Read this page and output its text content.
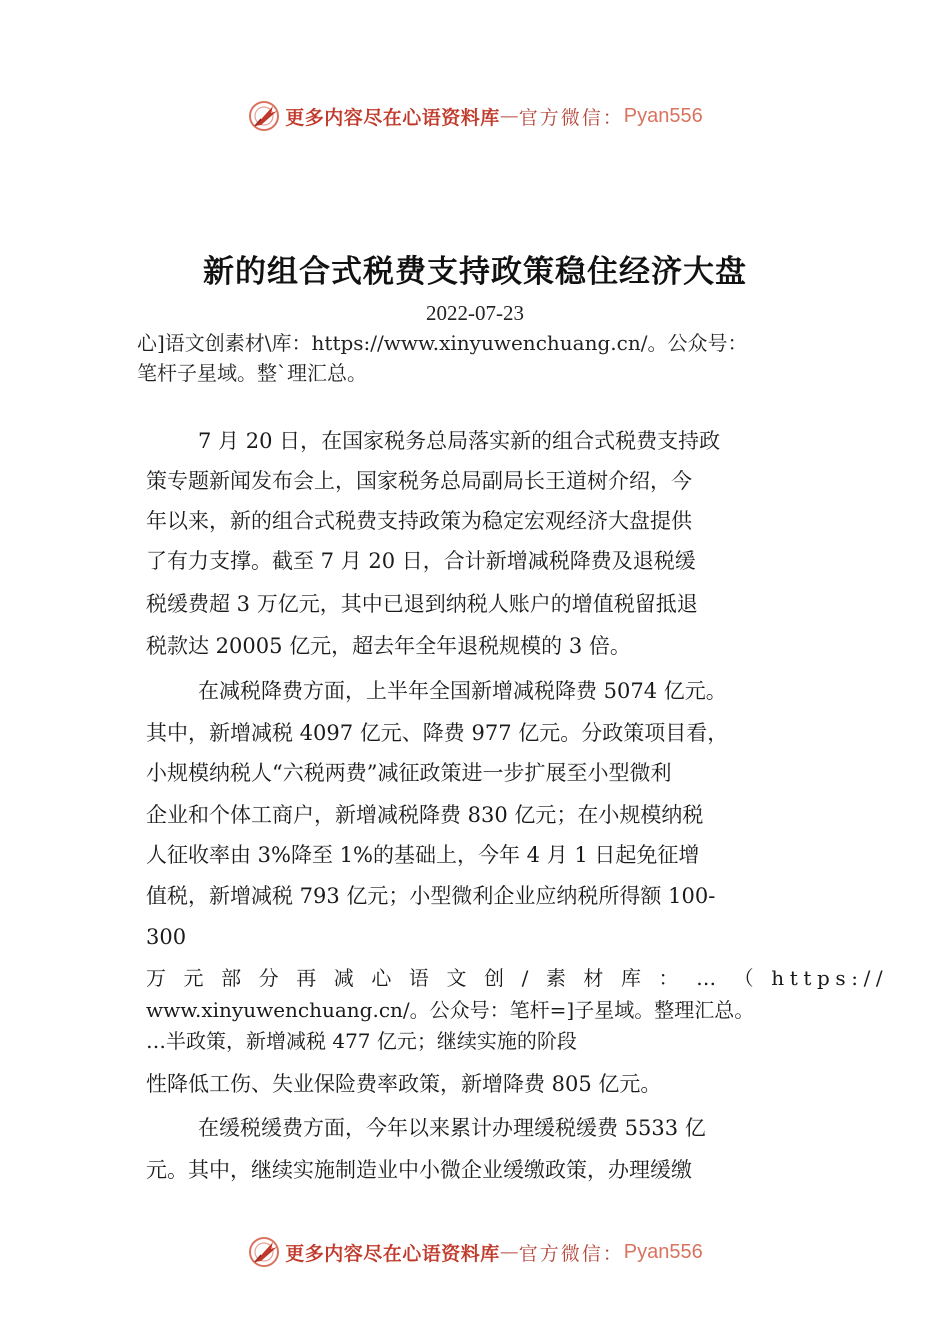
更多内容尽在心语资料库 — 官方微信： Pyan556
新的组合式税费支持政策稳住经济大盘
2022-07-23
心]语文创素材\库：https://www.xinyuwenchuang.cn/。公众号：
笔杆子星域。整`理汇总。
7 月 20 日，在国家税务总局落实新的组合式税费支持政
策专题新闻发布会上，国家税务总局副局长王道树介绍，今
年以来，新的组合式税费支持政策为稳定宏观经济大盘提供
了有力支撑。截至 7 月 20 日，合计新增减税降费及退税缓
税缓费超 3 万亿元，其中已退到纳税人账户的增值税留抵退
税款达 20005 亿元，超去年全年退税规模的 3 倍。
在减税降费方面，上半年全国新增减税降费 5074 亿元。
其中，新增减税 4097 亿元、降费 977 亿元。分政策项目看，
小规模纳税人“六税两费”减征政策进一步扩展至小型微利
企业和个体工商户，新增减税降费 830 亿元；在小规模纳税
人征收率由 3%降至 1%的基础上，今年 4 月 1 日起免征增
值税，新增减税 793 亿元；小型微利企业应纳税所得额 100-
300
万 元 部 分 再 减 心 语 文 创 / 素 材 库 ： … （ https://
www.xinyuwenchuang.cn/。公众号：笔杆=]子星域。整理汇总。
…半政策，新增减税 477 亿元；继续实施的阶段
性降低工伤、失业保险费率政策，新增降费 805 亿元。
在缓税缓费方面，今年以来累计办理缓税缓费 5533 亿
元。其中，继续实施制造业中小微企业缓缴政策，办理缓缴
更多内容尽在心语资料库 — 官方微信： Pyan556
